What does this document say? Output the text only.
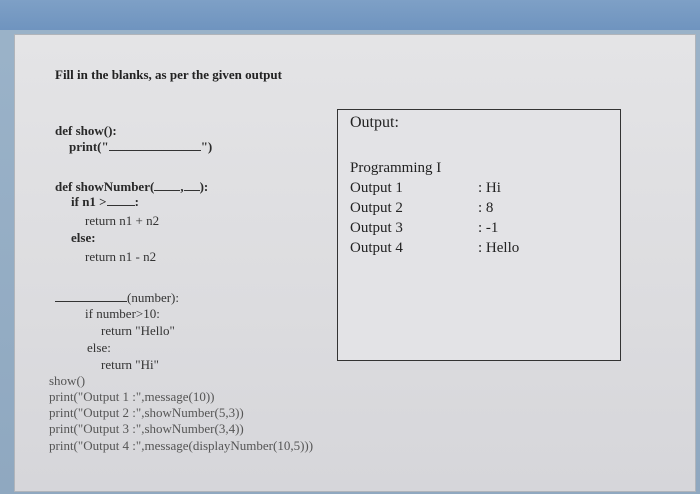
Fill in the blanks, as per the given output
def show():
print("	")
def showNumber( , ):
if n1 > :
return n1 + n2
else:
return n1 - n2
(number):
if number>10:
return "Hello"
else:
return "Hi"
show()
print("Output 1 :",message(10))
print("Output 2 :",showNumber(5,3))
print("Output 3 :",showNumber(3,4))
print("Output 4 :",message(displayNumber(10,5)))
Output:
Programming I
Output 1	: Hi
Output 2	: 8
Output 3	: -1
Output 4	: Hello
